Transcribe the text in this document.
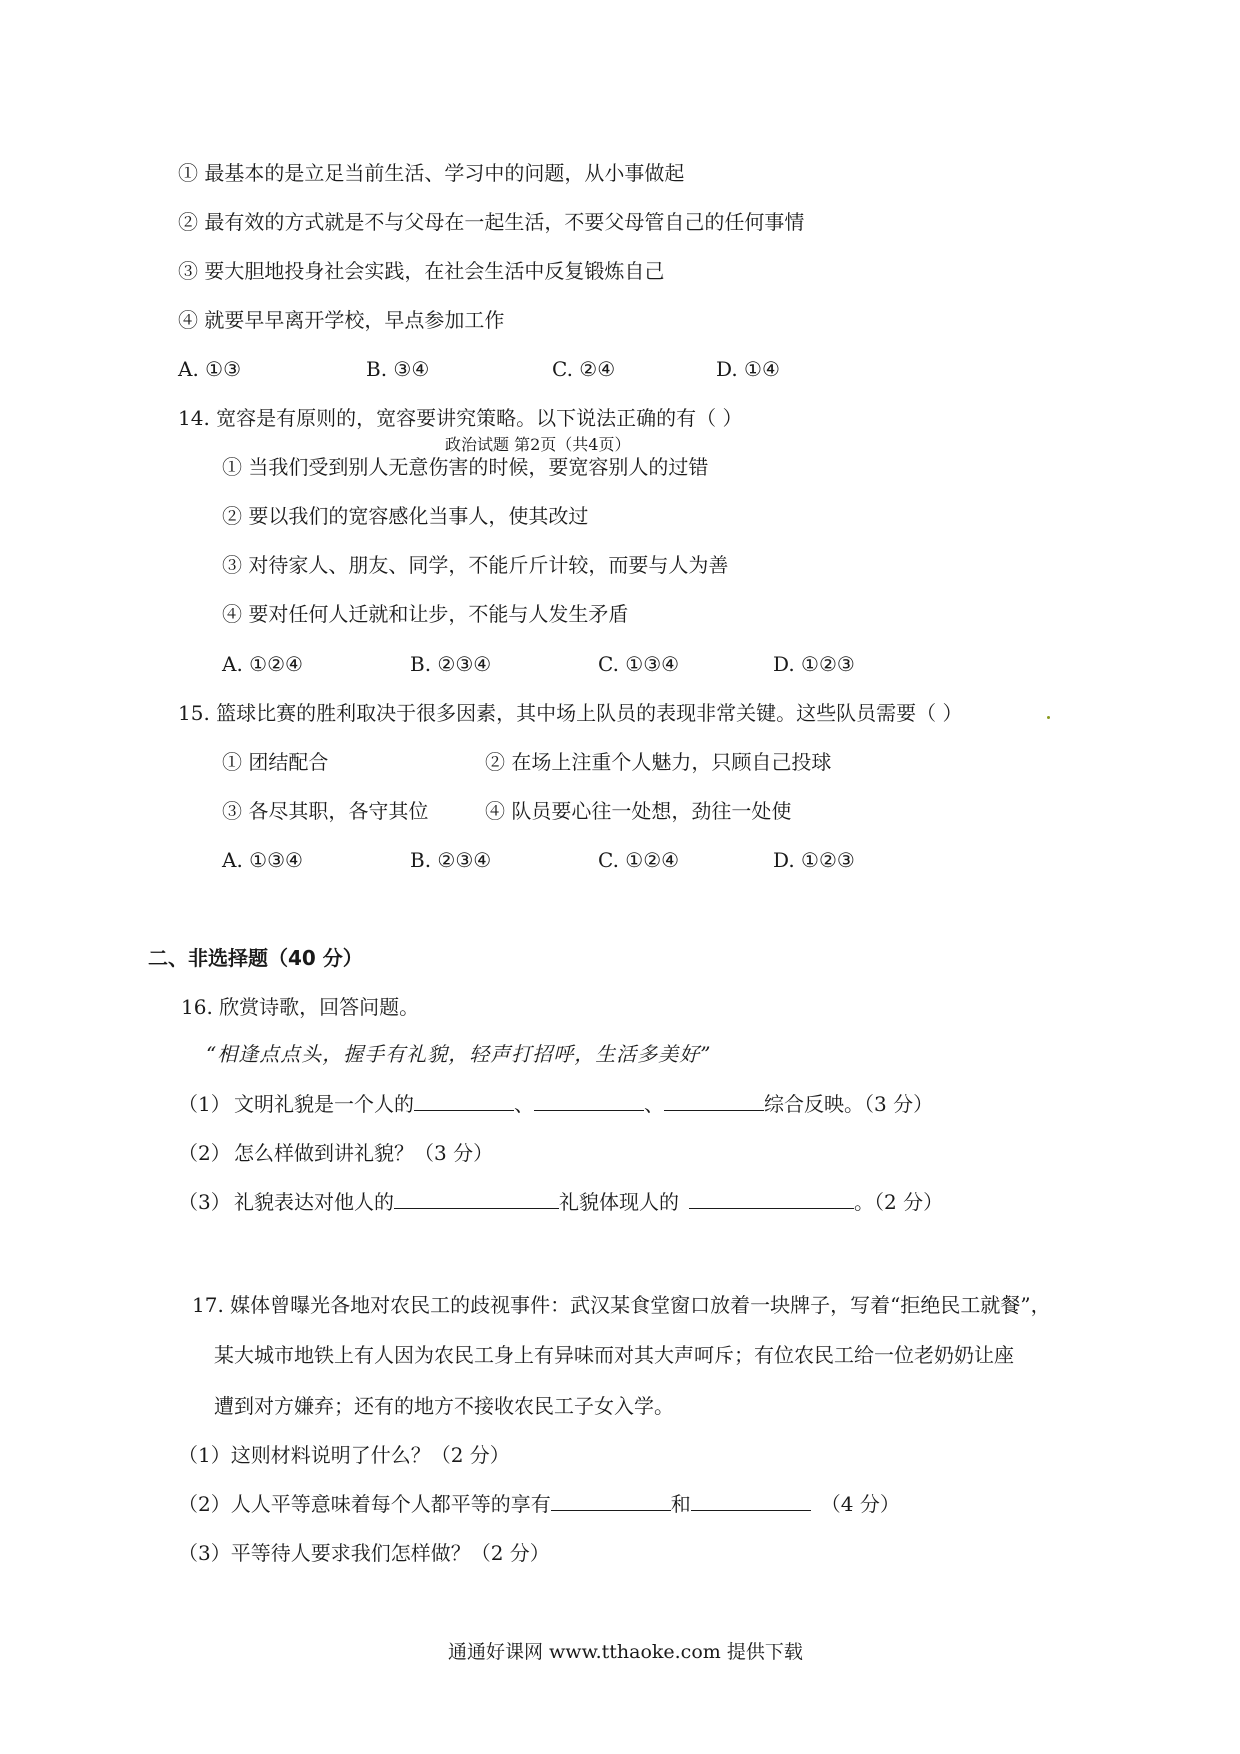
① 最基本的是立足当前生活、学习中的问题，从小事做起
② 最有效的方式就是不与父母在一起生活，不要父母管自己的任何事情
③ 要大胆地投身社会实践，在社会生活中反复锻炼自己
④ 就要早早离开学校，早点参加工作
A. ①③	B. ③④	C. ②④	D. ①④
14. 宽容是有原则的，宽容要讲究策略。以下说法正确的有（ ）
政治试题 第2页（共4页）
① 当我们受到别人无意伤害的时候，要宽容别人的过错
② 要以我们的宽容感化当事人，使其改过
③ 对待家人、朋友、同学，不能斤斤计较，而要与人为善
④ 要对任何人迁就和让步，不能与人发生矛盾
A. ①②④	B. ②③④	C. ①③④	D. ①②③
15. 篮球比赛的胜利取决于很多因素，其中场上队员的表现非常关键。这些队员需要（ ）
① 团结配合	② 在场上注重个人魅力，只顾自己投球
③ 各尽其职，各守其位	④ 队员要心往一处想，劲往一处使
A. ①③④	B. ②③④	C. ①②④	D. ①②③
二、非选择题（40 分）
16. 欣赏诗歌，回答问题。
“相逢点点头，握手有礼貌，轻声打招呼，生活多美好”
（1） 文明礼貌是一个人的	、	、	综合反映。（3 分）
（2） 怎么样做到讲礼貌？（3 分）
（3） 礼貌表达对他人的	礼貌体现人的	。（2 分）
17. 媒体曾曝光各地对农民工的歧视事件：武汉某食堂窗口放着一块牌子，写着“拒绝民工就餐”，
某大城市地铁上有人因为农民工身上有异味而对其大声呵斥；有位农民工给一位老奶奶让座
遭到对方嫌弃；还有的地方不接收农民工子女入学。
（1）这则材料说明了什么？（2 分）
（2）人人平等意味着每个人都平等的享有	和	（4 分）
（3）平等待人要求我们怎样做？（2 分）
通通好课网 www.tthaoke.com 提供下载
